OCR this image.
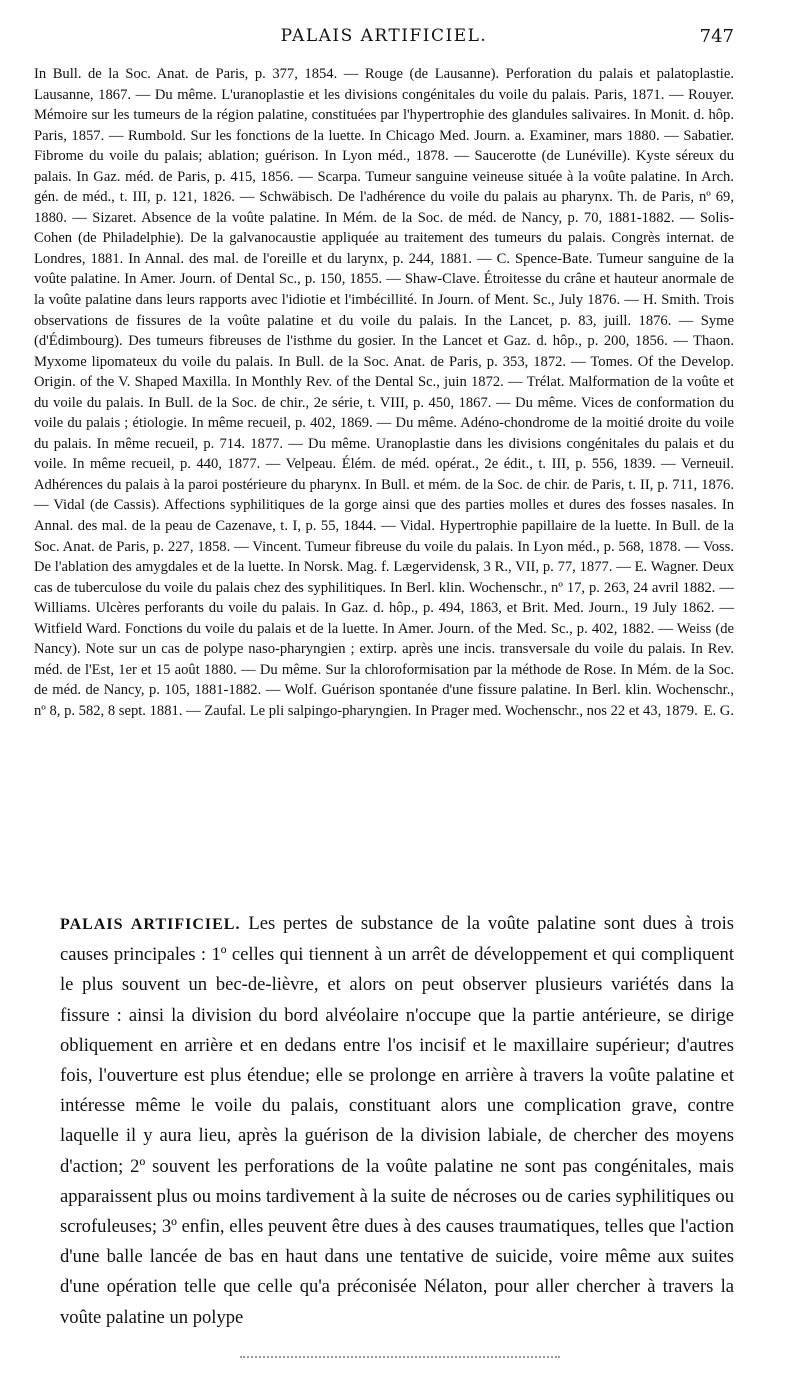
PALAIS ARTIFICIEL.	747

In Bull. de la Soc. Anat. de Paris, p. 377, 1854. — Rouge (de Lausanne). Perforation du palais et palatoplastie. Lausanne, 1867. — Du même. L'uranoplastie et les divisions congénitales du voile du palais. Paris, 1871. — Rouyer. Mémoire sur les tumeurs de la région palatine, constituées par l'hypertrophie des glandules salivaires. In Monit. d. hôp. Paris, 1857. — Rumbold. Sur les fonctions de la luette. In Chicago Med. Journ. a. Examiner, mars 1880. — Sabatier. Fibrome du voile du palais; ablation; guérison. In Lyon méd., 1878. — Saucerotte (de Lunéville). Kyste séreux du palais. In Gaz. méd. de Paris, p. 415, 1856. — Scarpa. Tumeur sanguine veineuse située à la voûte palatine. In Arch. gén. de méd., t. III, p. 121, 1826. — Schwäbisch. De l'adhérence du voile du palais au pharynx. Th. de Paris, nº 69, 1880. — Sizaret. Absence de la voûte palatine. In Mém. de la Soc. de méd. de Nancy, p. 70, 1881-1882. — Solis-Cohen (de Philadelphie). De la galvanocaustie appliquée au traitement des tumeurs du palais. Congrès internat. de Londres, 1881. In Annal. des mal. de l'oreille et du larynx, p. 244, 1881. — C. Spence-Bate. Tumeur sanguine de la voûte palatine. In Amer. Journ. of Dental Sc., p. 150, 1855. — Shaw-Clave. Étroitesse du crâne et hauteur anormale de la voûte palatine dans leurs rapports avec l'idiotie et l'imbécillité. In Journ. of Ment. Sc., July 1876. — H. Smith. Trois observations de fissures de la voûte palatine et du voile du palais. In the Lancet, p. 83, juill. 1876. — Syme (d'Édimbourg). Des tumeurs fibreuses de l'isthme du gosier. In the Lancet et Gaz. d. hôp., p. 200, 1856. — Thaon. Myxome lipomateux du voile du palais. In Bull. de la Soc. Anat. de Paris, p. 353, 1872. — Tomes. Of the Develop. Origin. of the V. Shaped Maxilla. In Monthly Rev. of the Dental Sc., juin 1872. — Trélat. Malformation de la voûte et du voile du palais. In Bull. de la Soc. de chir., 2e série, t. VIII, p. 450, 1867. — Du même. Vices de conformation du voile du palais ; étiologie. In même recueil, p. 402, 1869. — Du même. Adéno-chondrome de la moitié droite du voile du palais. In même recueil, p. 714. 1877. — Du même. Uranoplastie dans les divisions congénitales du palais et du voile. In même recueil, p. 440, 1877. — Velpeau. Élém. de méd. opérat., 2e édit., t. III, p. 556, 1839. — Verneuil. Adhérences du palais à la paroi postérieure du pharynx. In Bull. et mém. de la Soc. de chir. de Paris, t. II, p. 711, 1876. — Vidal (de Cassis). Affections syphilitiques de la gorge ainsi que des parties molles et dures des fosses nasales. In Annal. des mal. de la peau de Cazenave, t. I, p. 55, 1844. — Vidal. Hypertrophie papillaire de la luette. In Bull. de la Soc. Anat. de Paris, p. 227, 1858. — Vincent. Tumeur fibreuse du voile du palais. In Lyon méd., p. 568, 1878. — Voss. De l'ablation des amygdales et de la luette. In Norsk. Mag. f. Lægervidensk, 3 R., VII, p. 77, 1877. — E. Wagner. Deux cas de tuberculose du voile du palais chez des syphilitiques. In Berl. klin. Wochenschr., nº 17, p. 263, 24 avril 1882. — Williams. Ulcères perforants du voile du palais. In Gaz. d. hôp., p. 494, 1863, et Brit. Med. Journ., 19 July 1862. — Witfield Ward. Fonctions du voile du palais et de la luette. In Amer. Journ. of the Med. Sc., p. 402, 1882. — Weiss (de Nancy). Note sur un cas de polype naso-pharyngien ; extirp. après une incis. transversale du voile du palais. In Rev. méd. de l'Est, 1er et 15 août 1880. — Du même. Sur la chloroformisation par la méthode de Rose. In Mém. de la Soc. de méd. de Nancy, p. 105, 1881-1882. — Wolf. Guérison spontanée d'une fissure palatine. In Berl. klin. Wochenschr., nº 8, p. 582, 8 sept. 1881. — Zaufal. Le pli salpingo-pharyngien. In Prager med. Wochenschr., nos 22 et 43, 1879. E. G.

PALAIS ARTIFICIEL. Les pertes de substance de la voûte palatine sont dues à trois causes principales : 1º celles qui tiennent à un arrêt de développement et qui compliquent le plus souvent un bec-de-lièvre, et alors on peut observer plusieurs variétés dans la fissure : ainsi la division du bord alvéolaire n'occupe que la partie antérieure, se dirige obliquement en arrière et en dedans entre l'os incisif et le maxillaire supérieur; d'autres fois, l'ouverture est plus étendue; elle se prolonge en arrière à travers la voûte palatine et intéresse même le voile du palais, constituant alors une complication grave, contre laquelle il y aura lieu, après la guérison de la division labiale, de chercher des moyens d'action; 2º souvent les perforations de la voûte palatine ne sont pas congénitales, mais apparaissent plus ou moins tardivement à la suite de nécroses ou de caries syphilitiques ou scrofuleuses; 3º enfin, elles peuvent être dues à des causes traumatiques, telles que l'action d'une balle lancée de bas en haut dans une tentative de suicide, voire même aux suites d'une opération telle que celle qu'a préconisée Nélaton, pour aller chercher à travers la voûte palatine un polype
